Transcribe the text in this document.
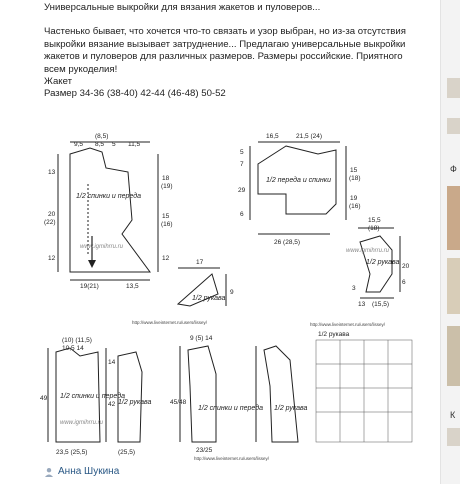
Универсальные выкройки для вязания жакетов и пуловеров...

Частенько бывает, что хочется что-то связать и узор выбран, но из-за отсутствия выкройки вязание вызывает затруднение... Предлагаю универсальные выкройки жакетов и пуловеров для различных размеров. Размеры российские. Приятного всем рукоделия!

Жакет

Размер 34-36 (38-40) 42-44 (46-48) 50-52

(8,5)
9,5 8,5 5 11,5
13
20
(22)
12
18
(19)
15
(16)
12
19(21)	13,5
17
9
16,5	21,5 (24)
5
7
29
15
(18)
19
(16)
6
26 (28,5)
15,5
(18)
20
6
3
13 (15,5)
(10) (11,5)
10,5 14
49
14
42
23,5 (25,5)	(25,5)
9 (5) 14
45/48
23/25
1/2 рукава
1/2 спинки и переда
1/2 переда и спинки
1/2 рукава
1/2 рукава
1/2 спинки и переда
1/2 рукава
1/2 спинки и переда 1/2 рукава
www.igmihrru.ru
www.igmihrru.ru
www.igmihrru.ru
http://www.liveinternet.ru/users/lissey/	http://www.liveinternet.ru/users/lissey/
http://www.liveinternet.ru/users/lissey/
Анна Шукина
Ф
К
